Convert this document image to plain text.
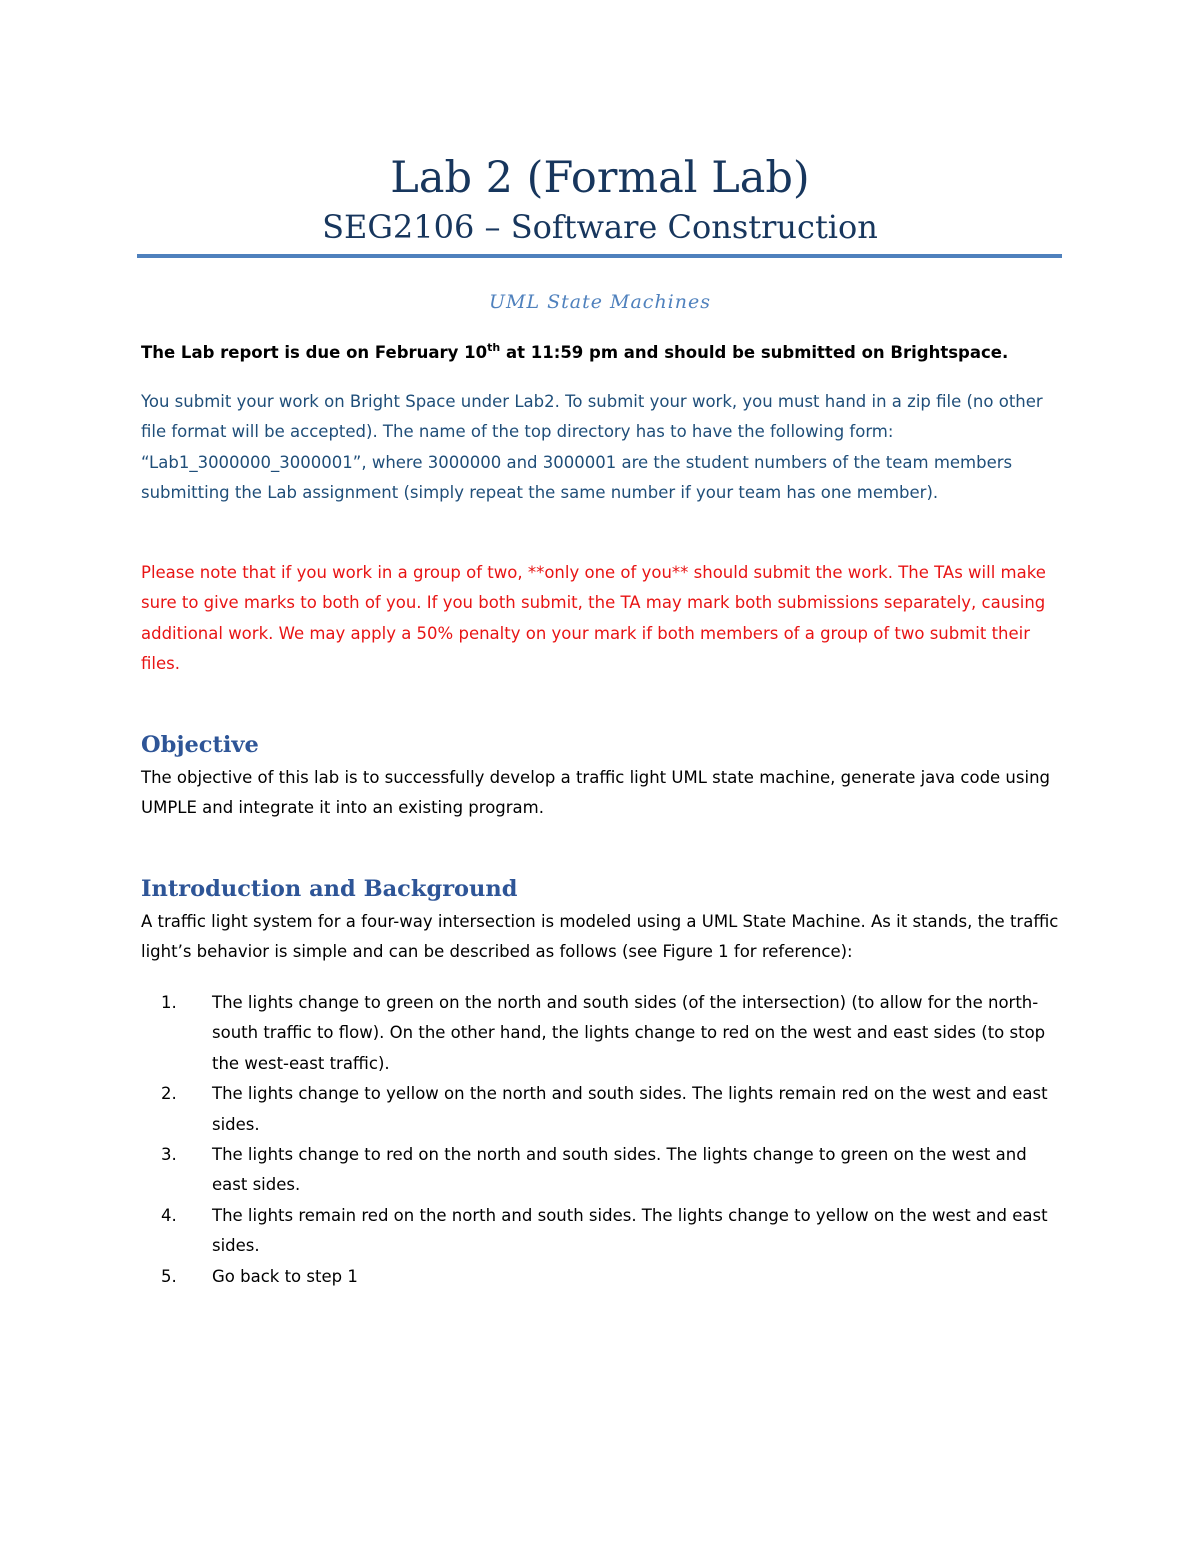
Lab 2 (Formal Lab)
SEG2106 – Software Construction
UML State Machines

The Lab report is due on February 10th at 11:59 pm and should be submitted on Brightspace.

You submit your work on Bright Space under Lab2. To submit your work, you must hand in a zip file (no other file format will be accepted). The name of the top directory has to have the following form: “Lab1_3000000_3000001”, where 3000000 and 3000001 are the student numbers of the team members submitting the Lab assignment (simply repeat the same number if your team has one member).

Please note that if you work in a group of two, **only one of you** should submit the work. The TAs will make sure to give marks to both of you. If you both submit, the TA may mark both submissions separately, causing additional work. We may apply a 50% penalty on your mark if both members of a group of two submit their files.

Objective

The objective of this lab is to successfully develop a traffic light UML state machine, generate java code using UMPLE and integrate it into an existing program.

Introduction and Background

A traffic light system for a four-way intersection is modeled using a UML State Machine. As it stands, the traffic light’s behavior is simple and can be described as follows (see Figure 1 for reference):

1. The lights change to green on the north and south sides (of the intersection) (to allow for the north-south traffic to flow). On the other hand, the lights change to red on the west and east sides (to stop the west-east traffic).
2. The lights change to yellow on the north and south sides. The lights remain red on the west and east sides.
3. The lights change to red on the north and south sides. The lights change to green on the west and east sides.
4. The lights remain red on the north and south sides. The lights change to yellow on the west and east sides.
5. Go back to step 1
